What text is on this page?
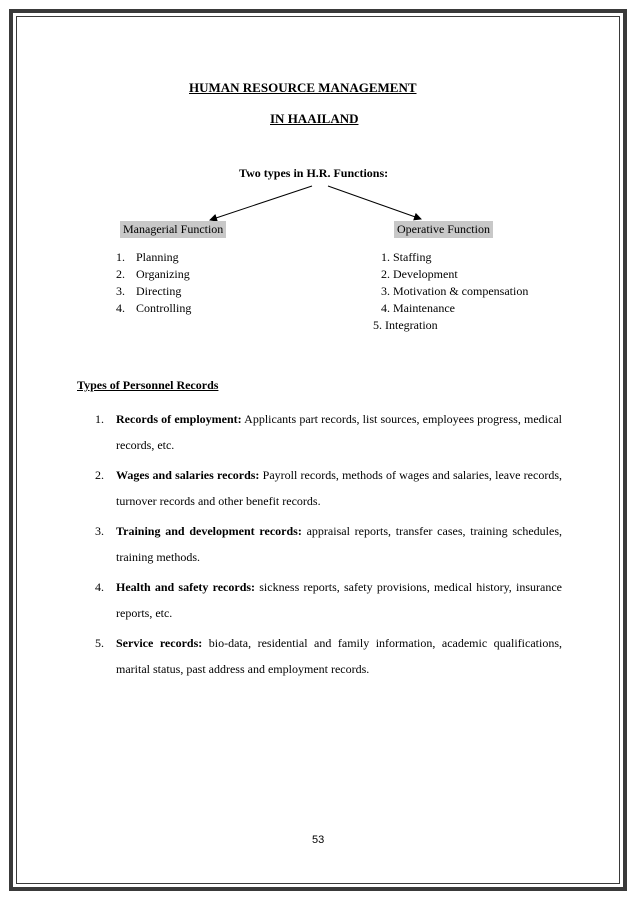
HUMAN RESOURCE MANAGEMENT
IN HAAILAND
Two types in H.R. Functions:
Managerial Function	Operative Function
1. Planning
2. Organizing
3. Directing
4. Controlling
1. Staffing
2. Development
3. Motivation & compensation
4. Maintenance
5. Integration
Types of Personnel Records
1. Records of employment: Applicants part records, list sources, employees progress, medical records, etc.
2. Wages and salaries records: Payroll records, methods of wages and salaries, leave records, turnover records and other benefit records.
3. Training and development records: appraisal reports, transfer cases, training schedules, training methods.
4. Health and safety records: sickness reports, safety provisions, medical history, insurance reports, etc.
5. Service records: bio-data, residential and family information, academic qualifications, marital status, past address and employment records.
53
